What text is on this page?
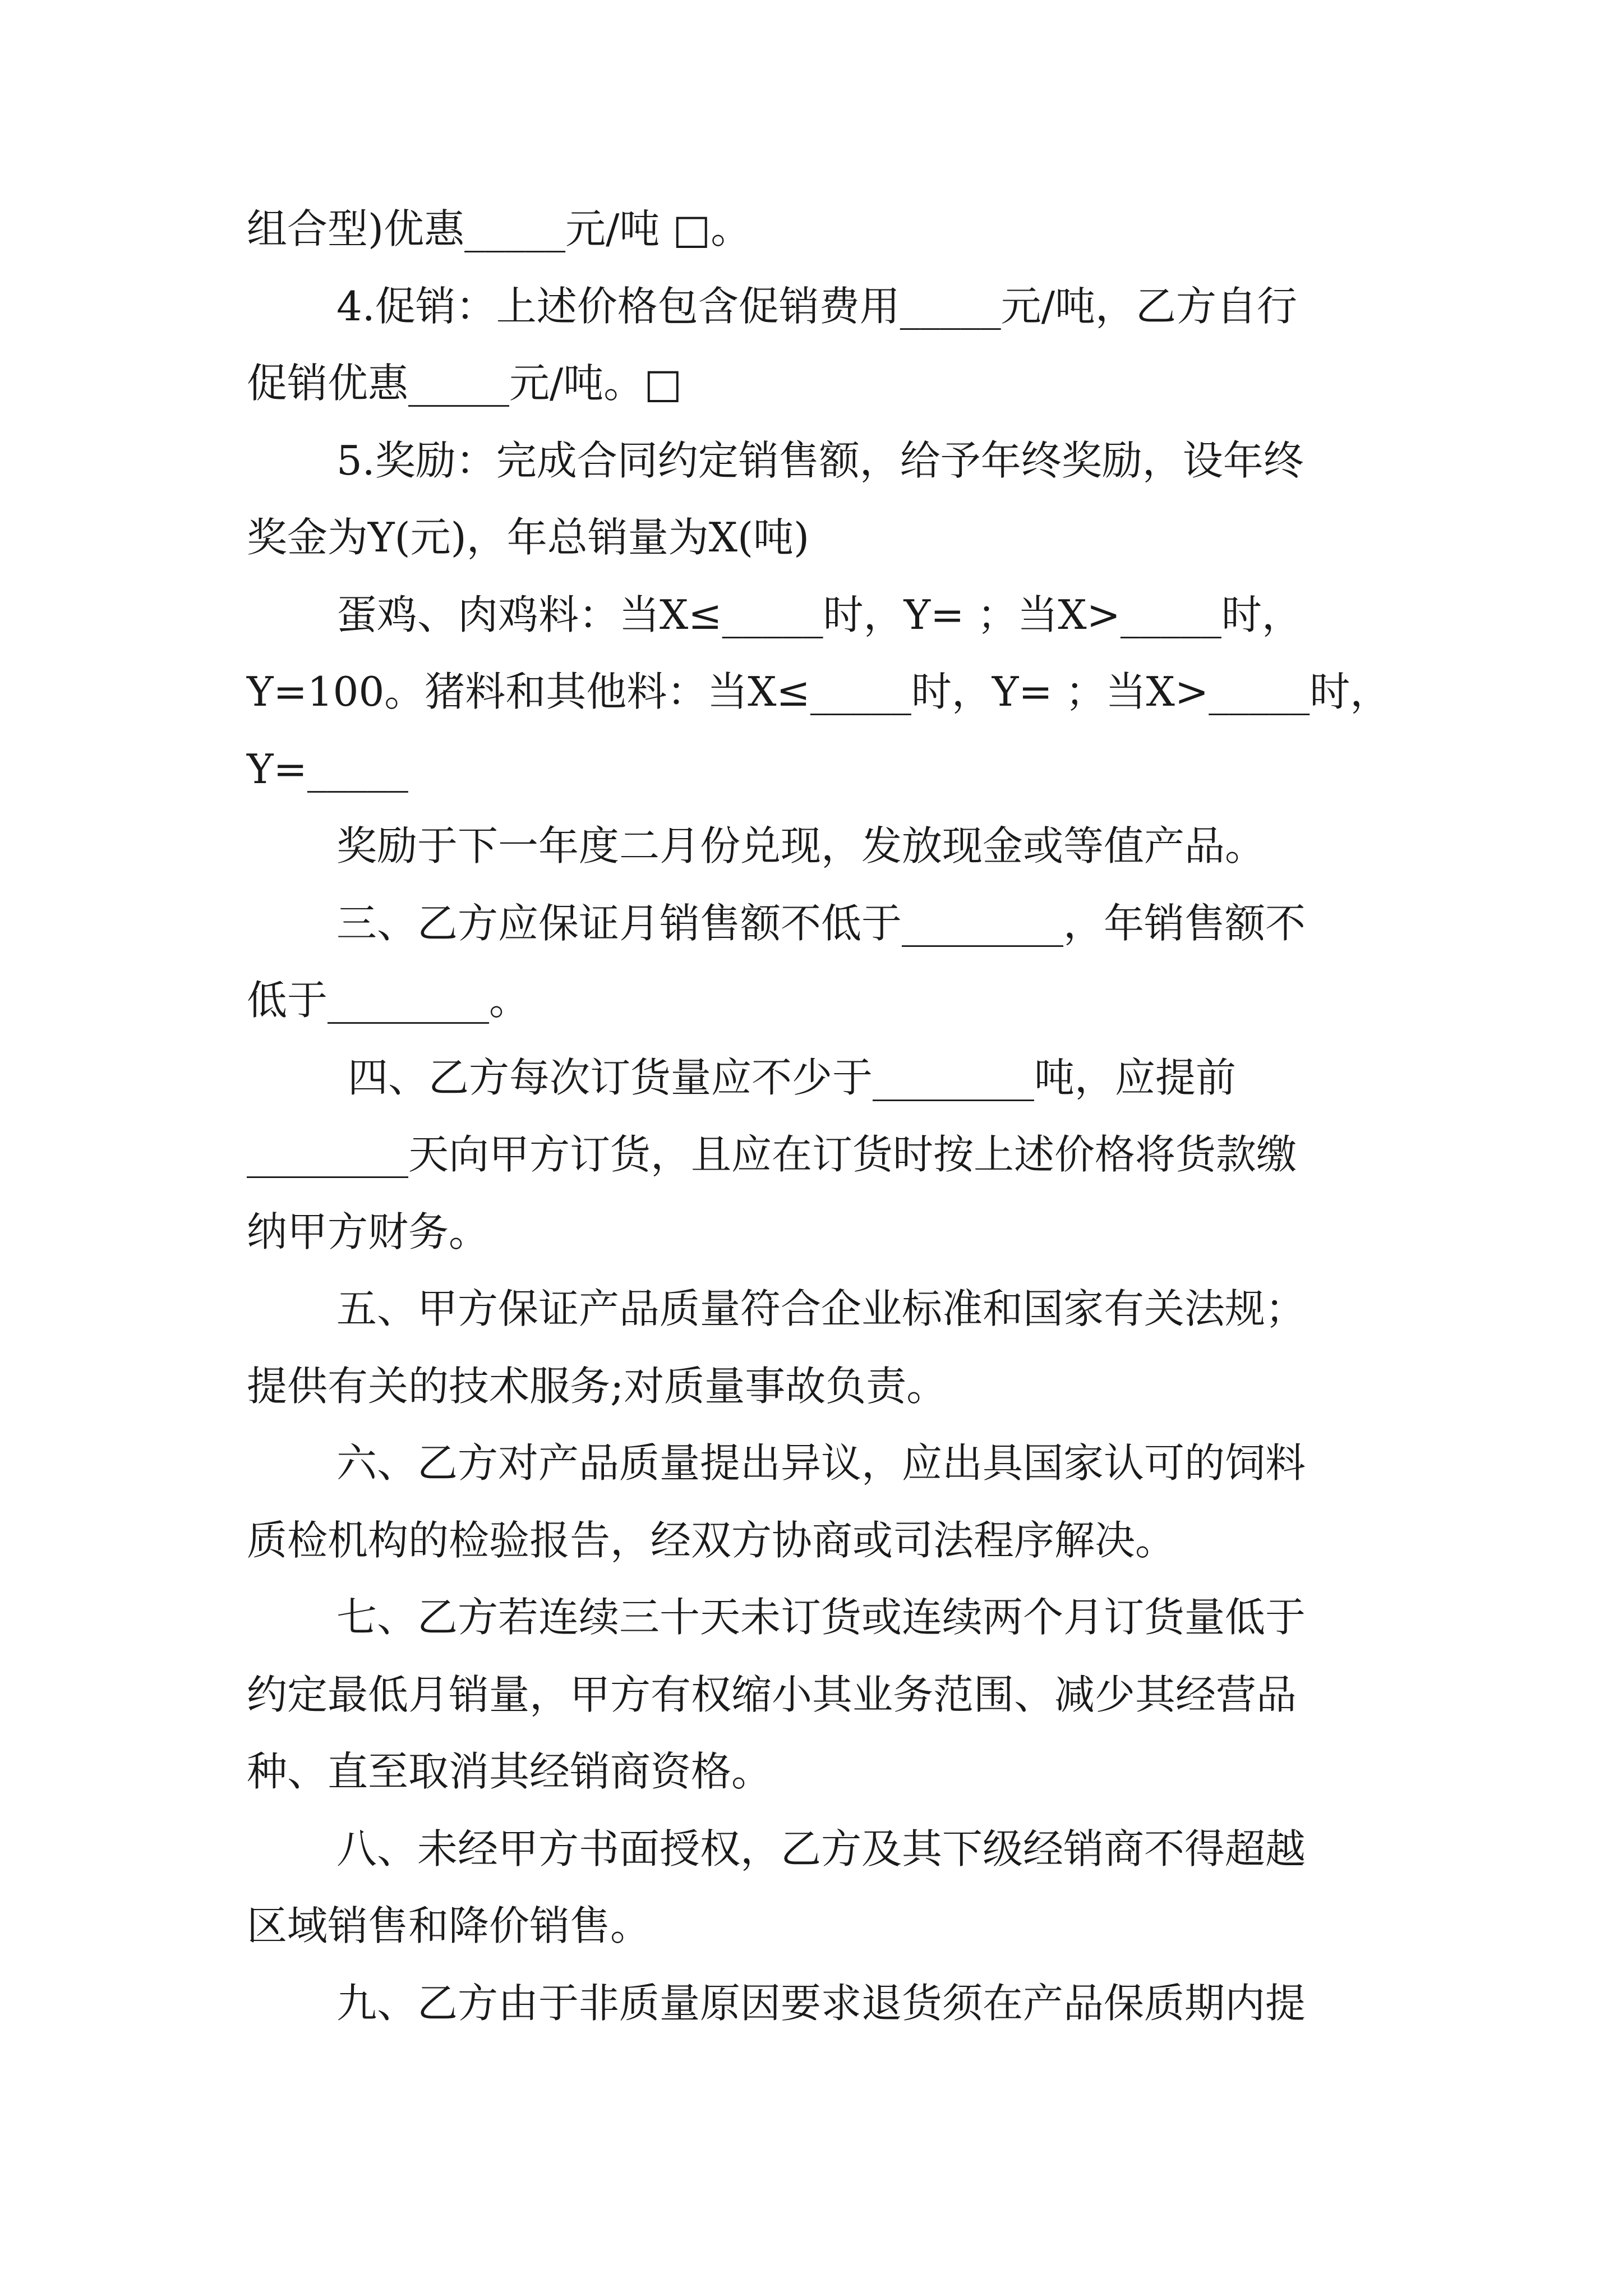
组合型)优惠_____元/吨 □。
4.促销：上述价格包含促销费用_____元/吨，乙方自行
促销优惠_____元/吨。□
5.奖励：完成合同约定销售额，给予年终奖励，设年终
奖金为Y(元)，年总销量为X(吨)
蛋鸡、肉鸡料：当X≤_____时，Y= ；当X>_____时，
Y=100。猪料和其他料：当X≤_____时，Y= ；当X>_____时，
Y=_____
奖励于下一年度二月份兑现，发放现金或等值产品。
三、乙方应保证月销售额不低于________，年销售额不
低于________。
四、乙方每次订货量应不少于________吨，应提前
________天向甲方订货，且应在订货时按上述价格将货款缴
纳甲方财务。
五、甲方保证产品质量符合企业标准和国家有关法规；
提供有关的技术服务;对质量事故负责。
六、乙方对产品质量提出异议，应出具国家认可的饲料
质检机构的检验报告，经双方协商或司法程序解决。
七、乙方若连续三十天未订货或连续两个月订货量低于
约定最低月销量，甲方有权缩小其业务范围、减少其经营品
种、直至取消其经销商资格。
八、未经甲方书面授权，乙方及其下级经销商不得超越
区域销售和降价销售。
九、乙方由于非质量原因要求退货须在产品保质期内提
